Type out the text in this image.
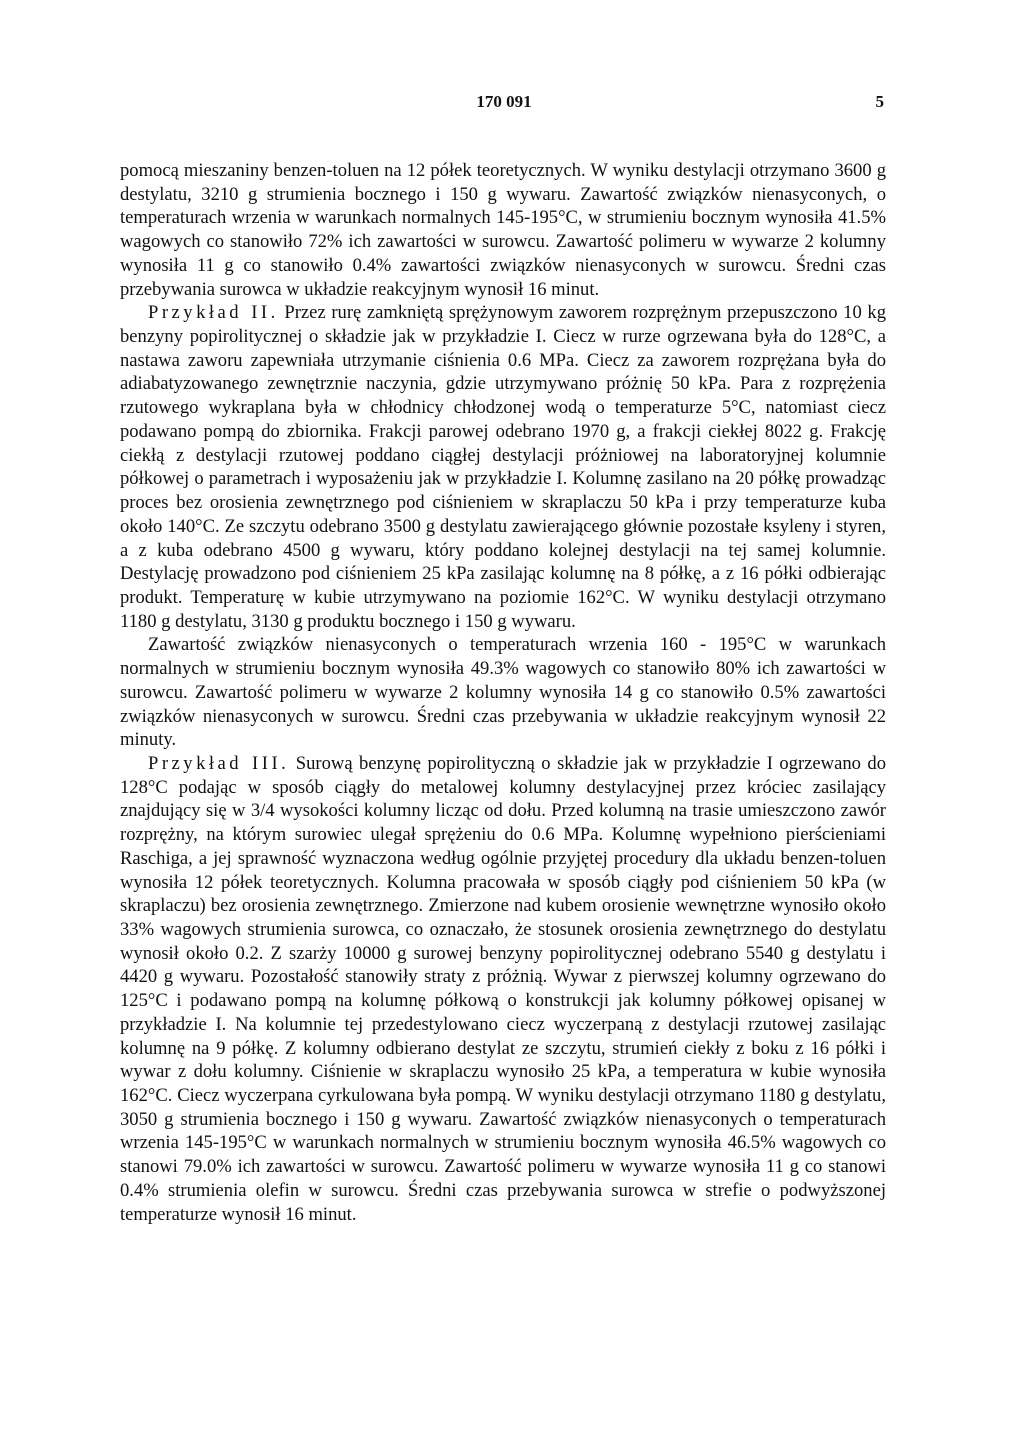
170 091	5

pomocą mieszaniny benzen-toluen na 12 półek teoretycznych. W wyniku destylacji otrzymano 3600 g destylatu, 3210 g strumienia bocznego i 150 g wywaru. Zawartość związków nienasyconych, o temperaturach wrzenia w warunkach normalnych 145-195°C, w strumieniu bocznym wynosiła 41.5% wagowych co stanowiło 72% ich zawartości w surowcu. Zawartość polimeru w wywarze 2 kolumny wynosiła 11 g co stanowiło 0.4% zawartości związków nienasyconych w surowcu. Średni czas przebywania surowca w układzie reakcyjnym wynosił 16 minut.

Przykład II. Przez rurę zamkniętą sprężynowym zaworem rozprężnym przepuszczono 10 kg benzyny popirolitycznej o składzie jak w przykładzie I. Ciecz w rurze ogrzewana była do 128°C, a nastawa zaworu zapewniała utrzymanie ciśnienia 0.6 MPa. Ciecz za zaworem rozprężana była do adiabatyzowanego zewnętrznie naczynia, gdzie utrzymywano próżnię 50 kPa. Para z rozprężenia rzutowego wykraplana była w chłodnicy chłodzonej wodą o temperaturze 5°C, natomiast ciecz podawano pompą do zbiornika. Frakcji parowej odebrano 1970 g, a frakcji ciekłej 8022 g. Frakcję ciekłą z destylacji rzutowej poddano ciągłej destylacji próżniowej na laboratoryjnej kolumnie półkowej o parametrach i wyposażeniu jak w przykładzie I. Kolumnę zasilano na 20 półkę prowadząc proces bez orosienia zewnętrznego pod ciśnieniem w skraplaczu 50 kPa i przy temperaturze kuba około 140°C. Ze szczytu odebrano 3500 g destylatu zawierającego głównie pozostałe ksyleny i styren, a z kuba odebrano 4500 g wywaru, który poddano kolejnej destylacji na tej samej kolumnie. Destylację prowadzono pod ciśnieniem 25 kPa zasilając kolumnę na 8 półkę, a z 16 półki odbierając produkt. Temperaturę w kubie utrzymywano na poziomie 162°C. W wyniku destylacji otrzymano 1180 g destylatu, 3130 g produktu bocznego i 150 g wywaru.

Zawartość związków nienasyconych o temperaturach wrzenia 160 - 195°C w warunkach normalnych w strumieniu bocznym wynosiła 49.3% wagowych co stanowiło 80% ich zawartości w surowcu. Zawartość polimeru w wywarze 2 kolumny wynosiła 14 g co stanowiło 0.5% zawartości związków nienasyconych w surowcu. Średni czas przebywania w układzie reakcyjnym wynosił 22 minuty.

Przykład III. Surową benzynę popirolityczną o składzie jak w przykładzie I ogrzewano do 128°C podając w sposób ciągły do metalowej kolumny destylacyjnej przez króciec zasilający znajdujący się w 3/4 wysokości kolumny licząc od dołu. Przed kolumną na trasie umieszczono zawór rozprężny, na którym surowiec ulegał sprężeniu do 0.6 MPa. Kolumnę wypełniono pierścieniami Raschiga, a jej sprawność wyznaczona według ogólnie przyjętej procedury dla układu benzen-toluen wynosiła 12 półek teoretycznych. Kolumna pracowała w sposób ciągły pod ciśnieniem 50 kPa (w skraplaczu) bez orosienia zewnętrznego. Zmierzone nad kubem orosienie wewnętrzne wynosiło około 33% wagowych strumienia surowca, co oznaczało, że stosunek orosienia zewnętrznego do destylatu wynosił około 0.2. Z szarży 10000 g surowej benzyny popirolitycznej odebrano 5540 g destylatu i 4420 g wywaru. Pozostałość stanowiły straty z próżnią. Wywar z pierwszej kolumny ogrzewano do 125°C i podawano pompą na kolumnę półkową o konstrukcji jak kolumny półkowej opisanej w przykładzie I. Na kolumnie tej przedestylowano ciecz wyczerpaną z destylacji rzutowej zasilając kolumnę na 9 półkę. Z kolumny odbierano destylat ze szczytu, strumień ciekły z boku z 16 półki i wywar z dołu kolumny. Ciśnienie w skraplaczu wynosiło 25 kPa, a temperatura w kubie wynosiła 162°C. Ciecz wyczerpana cyrkulowana była pompą. W wyniku destylacji otrzymano 1180 g destylatu, 3050 g strumienia bocznego i 150 g wywaru. Zawartość związków nienasyconych o temperaturach wrzenia 145-195°C w warunkach normalnych w strumieniu bocznym wynosiła 46.5% wagowych co stanowi 79.0% ich zawartości w surowcu. Zawartość polimeru w wywarze wynosiła 11 g co stanowi 0.4% strumienia olefin w surowcu. Średni czas przebywania surowca w strefie o podwyższonej temperaturze wynosił 16 minut.
